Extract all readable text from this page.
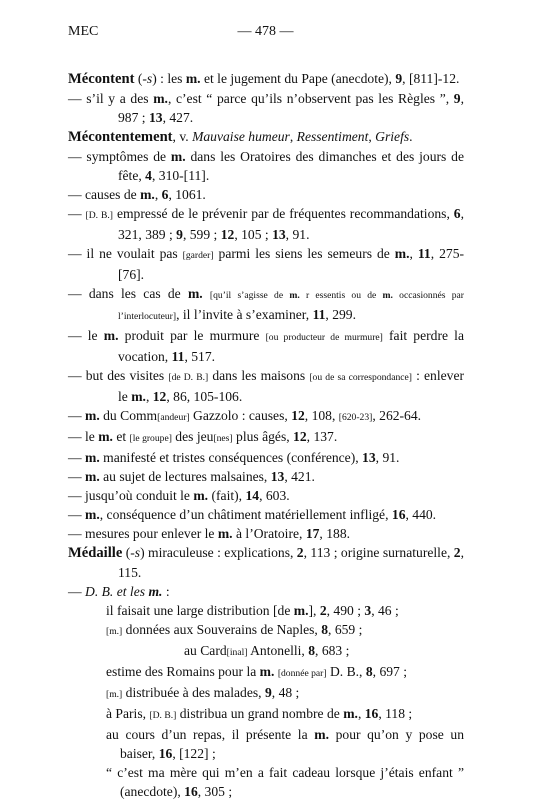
MEC	— 478 —

Mécontent (-s) : les m. et le jugement du Pape (anecdote), 9, [811]-12.

— s’il y a des m., c’est “ parce qu’ils n’observent pas les Règles ”, 9, 987 ; 13, 427.

Mécontentement, v. Mauvaise humeur, Ressentiment, Griefs.

— symptômes de m. dans les Oratoires des dimanches et des jours de fête, 4, 310-[11].

— causes de m., 6, 1061.

— [D. B.] empressé de le prévenir par de fréquentes recommandations, 6, 321, 389 ; 9, 599 ; 12, 105 ; 13, 91.

— il ne voulait pas [garder] parmi les siens les semeurs de m., 11, 275-[76].

— dans les cas de m. [qu’il s’agisse de m. r essentis ou de m. occasionnés par l’interlocuteur], il l’invite à s’examiner, 11, 299.

— le m. produit par le murmure [ou producteur de murmure] fait perdre la vocation, 11, 517.

— but des visites [de D. B.] dans les maisons [ou de sa correspondance] : enlever le m., 12, 86, 105-106.

— m. du Comm[andeur] Gazzolo : causes, 12, 108, [620-23], 262-64.

— le m. et [le groupe] des jeu[nes] plus âgés, 12, 137.

— m. manifesté et tristes conséquences (conférence), 13, 91.

— m. au sujet de lectures malsaines, 13, 421.

— jusqu’où conduit le m. (fait), 14, 603.

— m., conséquence d’un châtiment matériellement infligé, 16, 440.

— mesures pour enlever le m. à l’Oratoire, 17, 188.

Médaille (-s) miraculeuse : explications, 2, 113 ; origine surnaturelle, 2, 115.

— D. B. et les m. :

il faisait une large distribution [de m.], 2, 490 ; 3, 46 ;

[m.] données aux Souverains de Naples, 8, 659 ;

au Card[inal] Antonelli, 8, 683 ;

estime des Romains pour la m. [donnée par] D. B., 8, 697 ;

[m.] distribuée à des malades, 9, 48 ;

à Paris, [D. B.] distribua un grand nombre de m., 16, 118 ;

au cours d’un repas, il présente la m. pour qu’on y pose un baiser, 16, [122] ;

“ c’est ma mère qui m’en a fait cadeau lorsque j’étais enfant ” (anecdote), 16, 305 ;
